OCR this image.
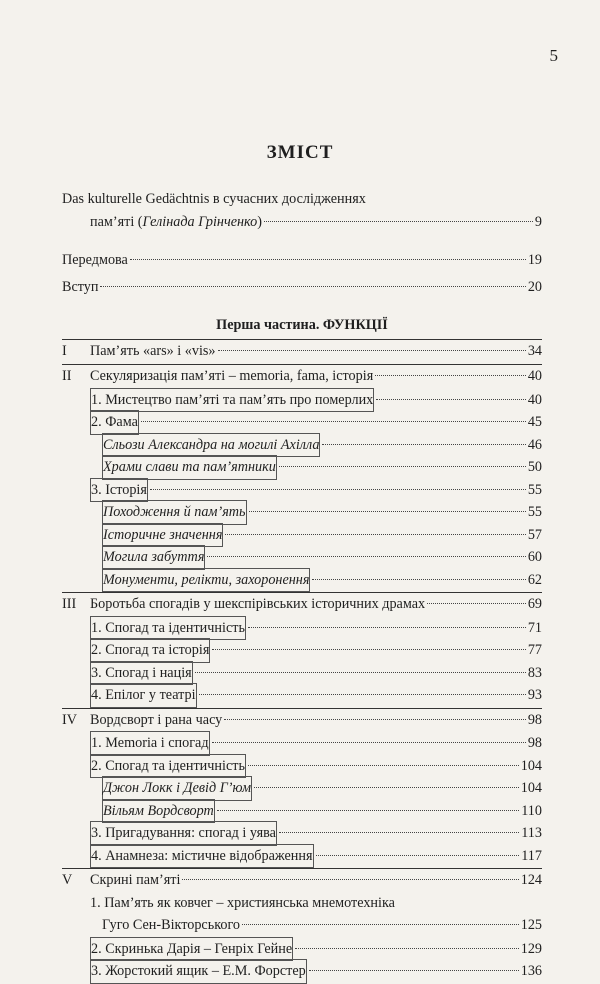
5
ЗМІСТ
Das kulturelle Gedächtnis в сучасних дослідженнях
пам’яті (Гелінада Грінченко)	9
Передмова	19
Вступ	20
Перша частина. ФУНКЦІЇ
I Пам’ять «ars» і «vis»	34
II Секуляризація пам’яті – memoria, fama, історія	40
1. Мистецтво пам’яті та пам’ять про померлих	40
2. Фама	45
Сльози Александра на могилі Ахілла	46
Храми слави та пам’ятники	50
3. Історія	55
Походження й пам’ять	55
Історичне значення	57
Могила забуття	60
Монументи, релікти, захоронення	62
III Боротьба спогадів у шекспірівських історичних драмах	69
1. Спогад та ідентичність	71
2. Спогад та історія	77
3. Спогад і нація	83
4. Епілог у театрі	93
IV Вордсворт і рана часу	98
1. Memoria і спогад	98
2. Спогад та ідентичність	104
Джон Локк і Девід Г’юм	104
Вільям Вордсворт	110
3. Пригадування: спогад і уява	113
4. Анамнеза: містичне відображення	117
V Скрині пам’яті	124
1. Пам’ять як ковчег – християнська мнемотехніка
Гуго Сен-Вікторського	125
2. Скринька Дарія – Генріх Гейне	129
3. Жорстокий ящик – Е.М. Форстер	136
